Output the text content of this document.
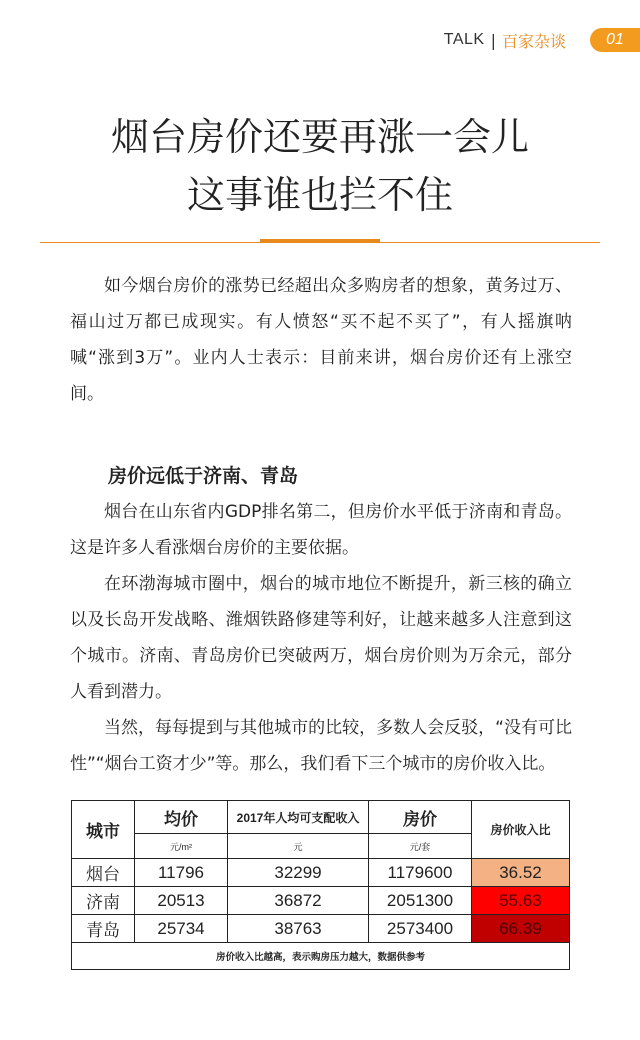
TALK | 百家杂谈	01
烟台房价还要再涨一会儿
这事谁也拦不住

如今烟台房价的涨势已经超出众多购房者的想象，黄务过万、福山过万都已成现实。有人愤怒“买不起不买了”，有人摇旗呐喊“涨到3万”。业内人士表示：目前来讲，烟台房价还有上涨空间。

房价远低于济南、青岛

烟台在山东省内GDP排名第二，但房价水平低于济南和青岛。这是许多人看涨烟台房价的主要依据。

在环渤海城市圈中，烟台的城市地位不断提升，新三核的确立以及长岛开发战略、潍烟铁路修建等利好，让越来越多人注意到这个城市。济南、青岛房价已突破两万，烟台房价则为万余元，部分人看到潜力。

当然，每每提到与其他城市的比较，多数人会反驳，“没有可比性”“烟台工资才少”等。那么，我们看下三个城市的房价收入比。

城市	均价	2017年人均可支配收入	房价	房价收入比
	元/m²	元	元/套	
烟台	11796	32299	1179600	36.52
济南	20513	36872	2051300	55.63
青岛	25734	38763	2573400	66.39
房价收入比越高，表示购房压力越大，数据供参考				
